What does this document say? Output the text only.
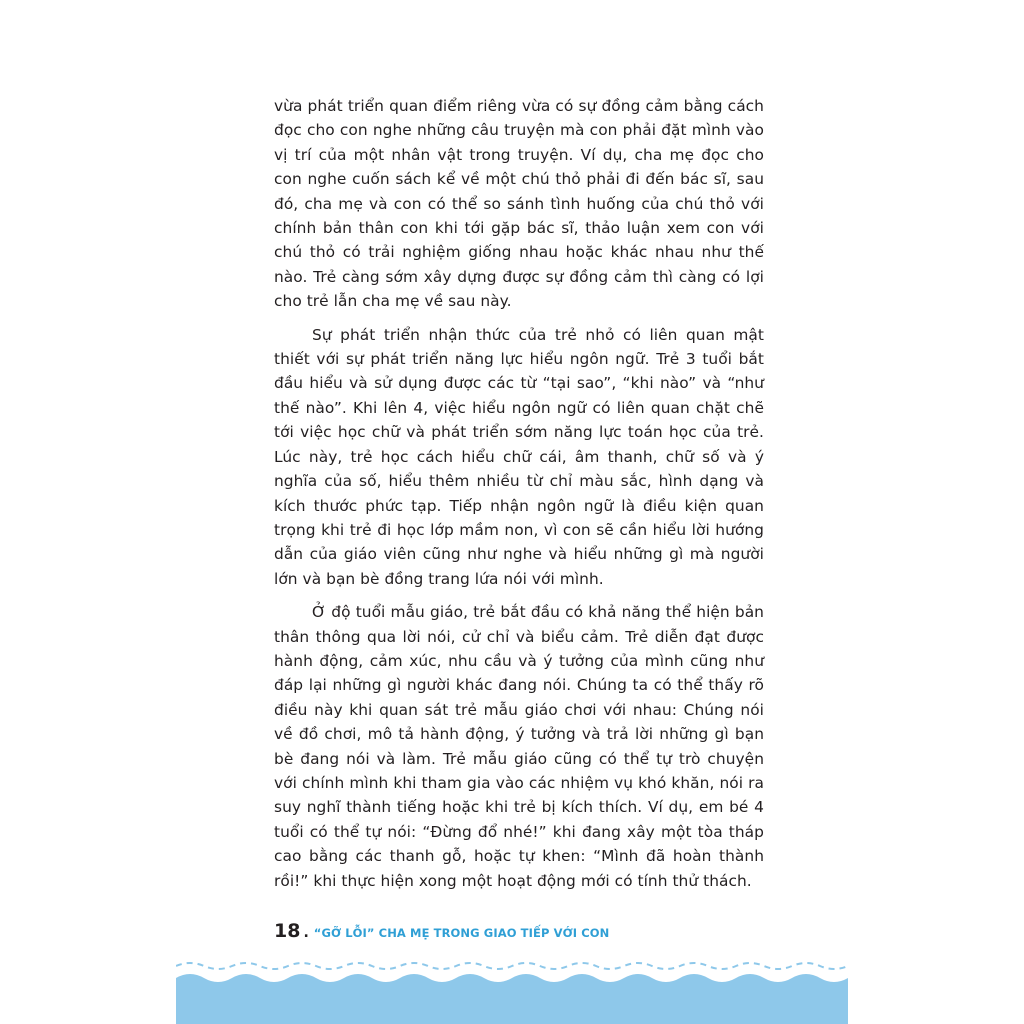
vừa phát triển quan điểm riêng vừa có sự đồng cảm bằng cách đọc cho con nghe những câu truyện mà con phải đặt mình vào vị trí của một nhân vật trong truyện. Ví dụ, cha mẹ đọc cho con nghe cuốn sách kể về một chú thỏ phải đi đến bác sĩ, sau đó, cha mẹ và con có thể so sánh tình huống của chú thỏ với chính bản thân con khi tới gặp bác sĩ, thảo luận xem con với chú thỏ có trải nghiệm giống nhau hoặc khác nhau như thế nào. Trẻ càng sớm xây dựng được sự đồng cảm thì càng có lợi cho trẻ lẫn cha mẹ về sau này.

Sự phát triển nhận thức của trẻ nhỏ có liên quan mật thiết với sự phát triển năng lực hiểu ngôn ngữ. Trẻ 3 tuổi bắt đầu hiểu và sử dụng được các từ “tại sao”, “khi nào” và “như thế nào”. Khi lên 4, việc hiểu ngôn ngữ có liên quan chặt chẽ tới việc học chữ và phát triển sớm năng lực toán học của trẻ. Lúc này, trẻ học cách hiểu chữ cái, âm thanh, chữ số và ý nghĩa của số, hiểu thêm nhiều từ chỉ màu sắc, hình dạng và kích thước phức tạp. Tiếp nhận ngôn ngữ là điều kiện quan trọng khi trẻ đi học lớp mầm non, vì con sẽ cần hiểu lời hướng dẫn của giáo viên cũng như nghe và hiểu những gì mà người lớn và bạn bè đồng trang lứa nói với mình.

Ở độ tuổi mẫu giáo, trẻ bắt đầu có khả năng thể hiện bản thân thông qua lời nói, cử chỉ và biểu cảm. Trẻ diễn đạt được hành động, cảm xúc, nhu cầu và ý tưởng của mình cũng như đáp lại những gì người khác đang nói. Chúng ta có thể thấy rõ điều này khi quan sát trẻ mẫu giáo chơi với nhau: Chúng nói về đồ chơi, mô tả hành động, ý tưởng và trả lời những gì bạn bè đang nói và làm. Trẻ mẫu giáo cũng có thể tự trò chuyện với chính mình khi tham gia vào các nhiệm vụ khó khăn, nói ra suy nghĩ thành tiếng hoặc khi trẻ bị kích thích. Ví dụ, em bé 4 tuổi có thể tự nói: “Đừng đổ nhé!” khi đang xây một tòa tháp cao bằng các thanh gỗ, hoặc tự khen: “Mình đã hoàn thành rồi!” khi thực hiện xong một hoạt động mới có tính thử thách.

18 . “GỠ LỖI” CHA MẸ TRONG GIAO TIẾP VỚI CON
